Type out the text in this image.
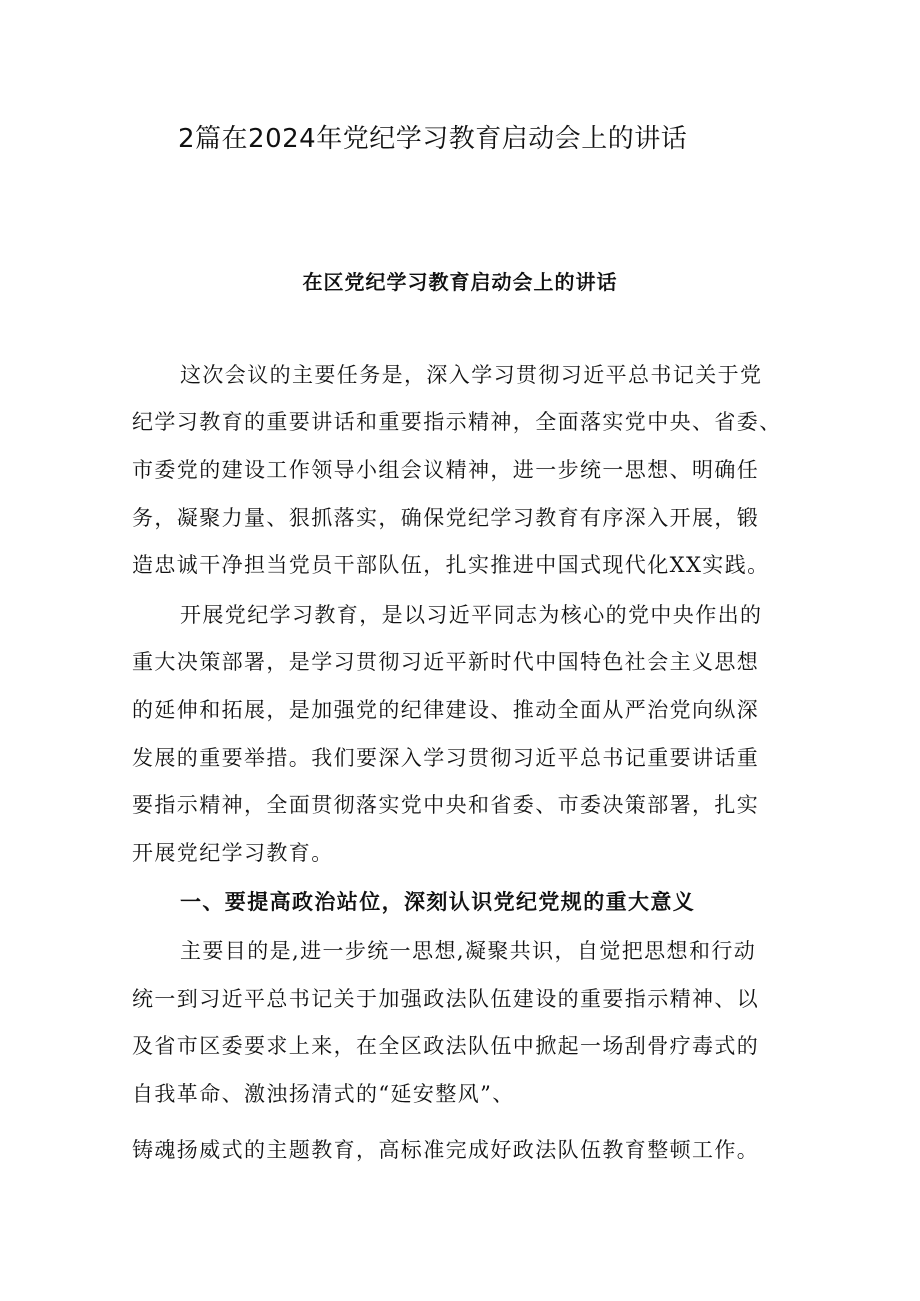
2篇在2024年党纪学习教育启动会上的讲话
在区党纪学习教育启动会上的讲话
这次会议的主要任务是，深入学习贯彻习近平总书记关于党
纪学习教育的重要讲话和重要指示精神，全面落实党中央、省委、
市委党的建设工作领导小组会议精神，进一步统一思想、明确任
务，凝聚力量、狠抓落实，确保党纪学习教育有序深入开展，锻
造忠诚干净担当党员干部队伍，扎实推进中国式现代化XX实践。
开展党纪学习教育，是以习近平同志为核心的党中央作出的
重大决策部署，是学习贯彻习近平新时代中国特色社会主义思想
的延伸和拓展，是加强党的纪律建设、推动全面从严治党向纵深
发展的重要举措。我们要深入学习贯彻习近平总书记重要讲话重
要指示精神，全面贯彻落实党中央和省委、市委决策部署，扎实
开展党纪学习教育。
一、要提高政治站位，深刻认识党纪党规的重大意义
主要目的是,进一步统一思想,凝聚共识，自觉把思想和行动
统一到习近平总书记关于加强政法队伍建设的重要指示精神、以
及省市区委要求上来，在全区政法队伍中掀起一场刮骨疗毒式的
自我革命、激浊扬清式的“延安整风”、
铸魂扬威式的主题教育，高标准完成好政法队伍教育整顿工作。
